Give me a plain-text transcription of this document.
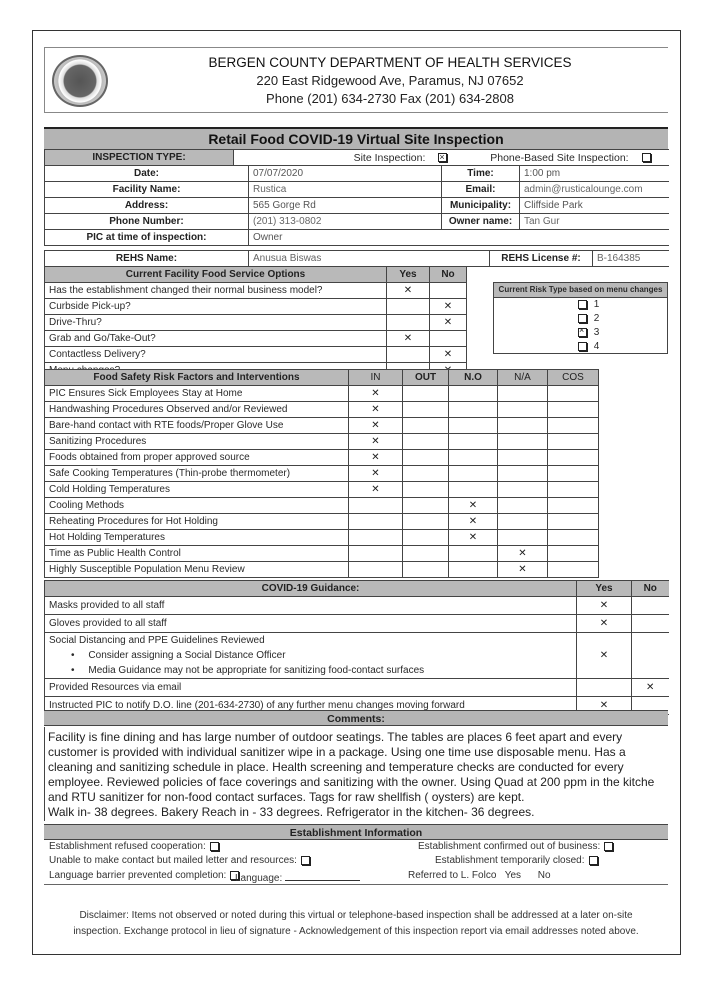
BERGEN COUNTY DEPARTMENT OF HEALTH SERVICES
220 East Ridgewood Ave, Paramus, NJ 07652
Phone (201) 634-2730 Fax (201) 634-2808
Retail Food COVID-19 Virtual Site Inspection
INSPECTION TYPE:	Site Inspection: ×	Phone-Based Site Inspection:
Date:	07/07/2020	Time:	1:00 pm
Facility Name:	Rustica	Email:	admin@rusticalounge.com
Address:	565 Gorge Rd	Municipality:	Cliffside Park
Phone Number:	(201) 313-0802	Owner name:	Tan Gur
PIC at time of inspection:	Owner		
REHS Name:	Anusua Biswas	REHS License #:	B-164385
Current Facility Food Service Options	Yes	No
Has the establishment changed their normal business model?	✕	
Curbside Pick-up?		✕
Drive-Thru?		✕
Grab and Go/Take-Out?	✕	
Contactless Delivery?		✕

Current Risk Type based on menu changes
1
2
× 3
4
Food Safety Risk Factors and Interventions	IN	OUT	N.O	N/A	COS
PIC Ensures Sick Employees Stay at Home	✕				
Handwashing Procedures Observed and/or Reviewed	✕				
Bare-hand contact with RTE foods/Proper Glove Use	✕				
Sanitizing Procedures	✕				
Foods obtained from proper approved source	✕				
Safe Cooking Temperatures (Thin-probe thermometer)	✕				
Cold Holding Temperatures	✕				
Cooling Methods			✕		
Reheating Procedures for Hot Holding			✕		
Hot Holding Temperatures			✕		
Time as Public Health Control				✕	
Highly Susceptible Population Menu Review				✕	
COVID-19 Guidance:	Yes	No
Masks provided to all staff	✕	
Gloves provided to all staff	✕	

Social Distancing and PPE Guidelines Reviewed
•     Consider assigning a Social Distance Officer
•     Media Guidance may not be appropriate for sanitizing food-contact surfaces	✕	
Provided Resources via email		✕
Instructed PIC to notify D.O. line (201-634-2730) of any further menu changes moving forward	✕	
Comments:
Facility is fine dining and has large number of outdoor seatings. The tables are places 6 feet apart and every
customer is provided with individual sanitizer wipe in a package. Using one time use disposable menu. Has a
cleaning and sanitizing schedule in place. Health screening and temperature checks are conducted for every
employee. Reviewed policies of face coverings and sanitizing with the owner. Using Quad at 200 ppm in the kitche
and RTU sanitizer for non-food contact surfaces. Tags for raw shellfish ( oysters) are kept.
Walk in- 38 degrees. Bakery Reach in - 33 degrees. Refrigerator in the kitchen- 36 degrees.
Establishment Information
Establishment refused cooperation:	Establishment confirmed out of business:
Unable to make contact but mailed letter and resources:	Establishment temporarily closed:
Language barrier prevented completion: Language:	Referred to L. Folco Yes No
Disclaimer: Items not observed or noted during this virtual or telephone-based inspection shall be addressed at a later on-site
inspection. Exchange protocol in lieu of signature - Acknowledgement of this inspection report via email addresses noted above.
